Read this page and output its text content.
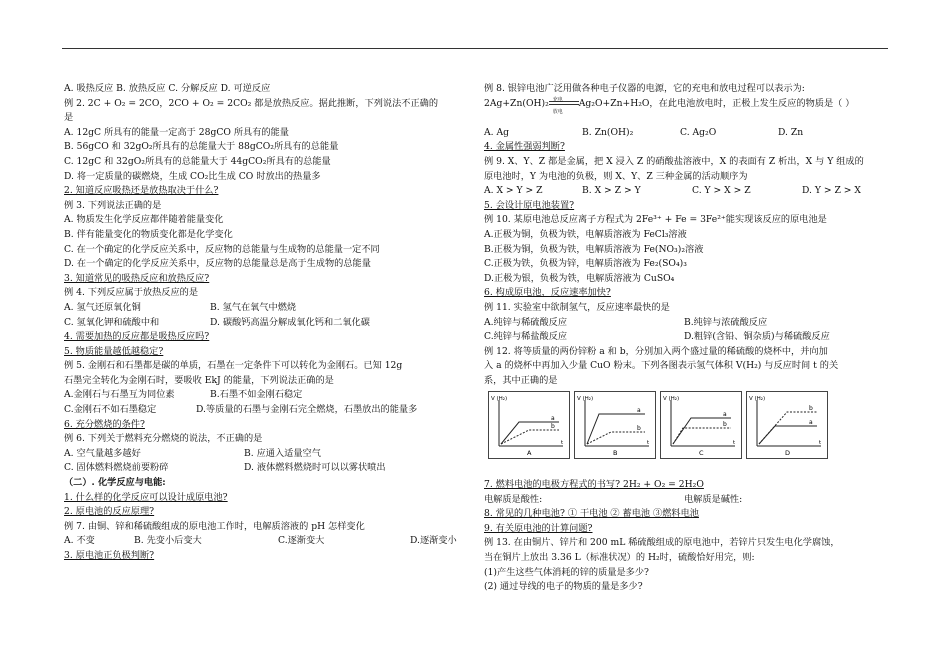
A. 吸热反应 B. 放热反应 C. 分解反应 D. 可逆反应
例 2. 2C + O₂ = 2CO，2CO + O₂ = 2CO₂ 都是放热反应。据此推断，下列说法不正确的
是
A. 12gC 所具有的能量一定高于 28gCO 所具有的能量
B. 56gCO 和 32gO₂所具有的总能量大于 88gCO₂所具有的总能量
C. 12gC 和 32gO₂所具有的总能量大于 44gCO₂所具有的总能量
D. 将一定质量的碳燃烧，生成 CO₂比生成 CO 时放出的热量多
2. 知道反应吸热还是放热取决于什么?
例 3. 下列说法正确的是
A. 物质发生化学反应都伴随着能量变化
B. 伴有能量变化的物质变化都是化学变化
C. 在一个确定的化学反应关系中，反应物的总能量与生成物的总能量一定不同
D. 在一个确定的化学反应关系中，反应物的总能量总是高于生成物的总能量
3. 知道常见的吸热反应和放热反应?
例 4. 下列反应属于放热反应的是
A. 氢气还原氧化铜	B. 氢气在氧气中燃烧
C. 氢氧化钾和硫酸中和	D. 碳酸钙高温分解成氧化钙和二氧化碳
4. 需要加热的反应都是吸热反应吗?
5. 物质能量越低越稳定?
例 5. 金刚石和石墨都是碳的单质，石墨在一定条件下可以转化为金刚石。已知 12g
石墨完全转化为金刚石时，要吸收 EkJ 的能量，下列说法正确的是
A.金刚石与石墨互为同位素	B.石墨不如金刚石稳定
C.金刚石不如石墨稳定	D.等质量的石墨与金刚石完全燃烧，石墨放出的能量多
6. 充分燃烧的条件?
例 6. 下列关于燃料充分燃烧的说法，不正确的是
A. 空气量越多越好	B. 应通入适量空气
C. 固体燃料燃烧前要粉碎	D. 液体燃料燃烧时可以以雾状喷出
（二）. 化学反应与电能:
1. 什么样的化学反应可以设计成原电池?
2. 原电池的反应原理?
例 7. 由铜、锌和稀硫酸组成的原电池工作时，电解质溶液的 pH 怎样变化
A. 不变	B. 先变小后变大	C.逐渐变大	D.逐渐变小
3. 原电池正负极判断?
例 8. 银锌电池广泛用做各种电子仪器的电源，它的充电和放电过程可以表示为:
2Ag+Zn(OH)₂ 充电
放电
Ag₂O+Zn+H₂O，在此电池放电时，正极上发生反应的物质是（ ）
A. Ag	B. Zn(OH)₂	C. Ag₂O	D. Zn
4. 金属性强弱判断?
例 9. X、Y、Z 都是金属，把 X 浸入 Z 的硝酸盐溶液中，X 的表面有 Z 析出，X 与 Y 组成的
原电池时，Y 为电池的负极，则 X、Y、Z 三种金属的活动顺序为
A. X > Y > Z	B. X > Z > Y	C. Y > X > Z	D. Y > Z > X
5. 会设计原电池装置?
例 10. 某原电池总反应离子方程式为 2Fe³⁺ + Fe = 3Fe²⁺能实现该反应的原电池是
A.正极为铜，负极为铁，电解质溶液为 FeCl₃溶液
B.正极为铜，负极为铁，电解质溶液为 Fe(NO₃)₂溶液
C.正极为铁，负极为锌，电解质溶液为 Fe₂(SO₄)₃
D.正极为银，负极为铁，电解质溶液为 CuSO₄
6. 构成原电池，反应速率加快?
例 11. 实验室中欲制氢气，反应速率最快的是
A.纯锌与稀硫酸反应	B.纯锌与浓硫酸反应
C.纯锌与稀盐酸反应	D.粗锌(含铅、铜杂质)与稀硫酸反应
例 12. 将等质量的两份锌粉 a 和 b，分别加入两个盛过量的稀硫酸的烧杯中，并向加
入 a 的烧杯中再加入少量 CuO 粉末。下列各图表示氢气体积 V(H₂) 与反应时间 t 的关
系，其中正确的是
a
b
V (H₂)
t
A
a
b
V (H₂)
t
B
a
b
V (H₂)
t
C
a
b
V (H₂)
t
D
7. 燃料电池的电极方程式的书写? 2H₂ + O₂ = 2H₂O
电解质是酸性:	电解质是碱性:
8. 常见的几种电池? ① 干电池 ② 蓄电池 ③燃料电池
9. 有关原电池的计算问题?
例 13. 在由铜片、锌片和 200 mL 稀硫酸组成的原电池中，若锌片只发生电化学腐蚀，
当在铜片上放出 3.36 L（标准状况）的 H₂时，硫酸恰好用完，则:
(1)产生这些气体消耗的锌的质量是多少?
(2) 通过导线的电子的物质的量是多少?
